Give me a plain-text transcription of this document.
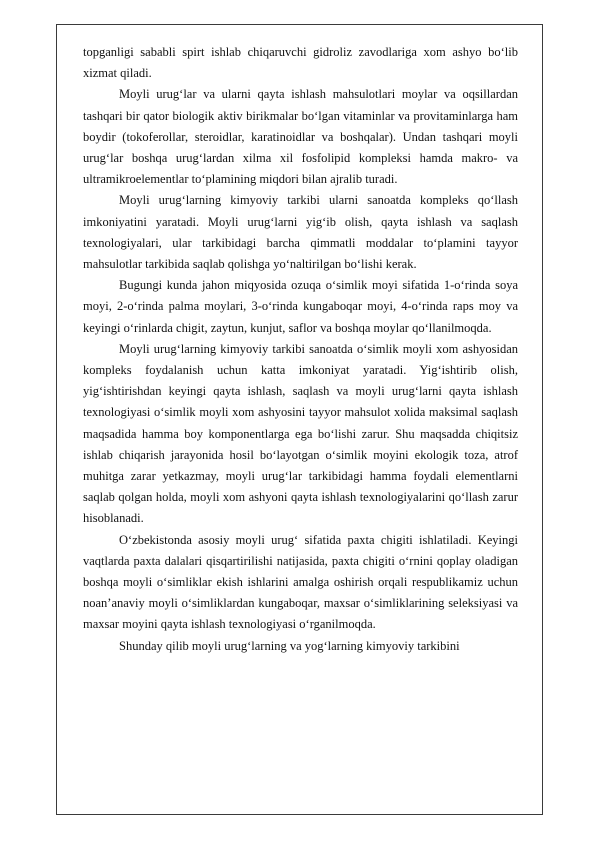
topganligi sababli spirt ishlab chiqaruvchi gidroliz zavodlariga xom ashyo bo‘lib xizmat qiladi.

Moyli urug‘lar va ularni qayta ishlash mahsulotlari moylar va oqsillardan tashqari bir qator biologik aktiv birikmalar bo‘lgan vitaminlar va provitaminlarga ham boydir (tokoferollar, steroidlar, karatinoidlar va boshqalar). Undan tashqari moyli urug‘lar boshqa urug‘lardan xilma xil fosfolipid kompleksi hamda makro- va ultramikroelementlar to‘plamining miqdori bilan ajralib turadi.

Moyli urug‘larning kimyoviy tarkibi ularni sanoatda kompleks qo‘llash imkoniyatini yaratadi. Moyli urug‘larni yig‘ib olish, qayta ishlash va saqlash texnologiyalari, ular tarkibidagi barcha qimmatli moddalar to‘plamini tayyor mahsulotlar tarkibida saqlab qolishga yo‘naltirilgan bo‘lishi kerak.

Bugungi kunda jahon miqyosida ozuqa o‘simlik moyi sifatida 1-o‘rinda soya moyi, 2-o‘rinda palma moylari, 3-o‘rinda kungaboqar moyi, 4-o‘rinda raps moy va keyingi o‘rinlarda chigit, zaytun, kunjut, saflor va boshqa moylar qo‘llanilmoqda.

Moyli urug‘larning kimyoviy tarkibi sanoatda o‘simlik moyli xom ashyosidan kompleks foydalanish uchun katta imkoniyat yaratadi. Yig‘ishtirib olish, yig‘ishtirishdan keyingi qayta ishlash, saqlash va moyli urug‘larni qayta ishlash texnologiyasi o‘simlik moyli xom ashyosini tayyor mahsulot xolida maksimal saqlash maqsadida hamma boy komponentlarga ega bo‘lishi zarur. Shu maqsadda chiqitsiz ishlab chiqarish jarayonida hosil bo‘layotgan o‘simlik moyini ekologik toza, atrof muhitga zarar yetkazmay, moyli urug‘lar tarkibidagi hamma foydali elementlarni saqlab qolgan holda, moyli xom ashyoni qayta ishlash texnologiyalarini qo‘llash zarur hisoblanadi.

O‘zbekistonda asosiy moyli urug‘ sifatida paxta chigiti ishlatiladi. Keyingi vaqtlarda paxta dalalari qisqartirilishi natijasida, paxta chigiti o‘rnini qoplay oladigan boshqa moyli o‘simliklar ekish ishlarini amalga oshirish orqali respublikamiz uchun noan’anaviy moyli o‘simliklardan kungaboqar, maxsar o‘simliklarining seleksiyasi va maxsar moyini qayta ishlash texnologiyasi o‘rganilmoqda.

Shunday qilib moyli urug‘larning va yog‘larning kimyoviy tarkibini
